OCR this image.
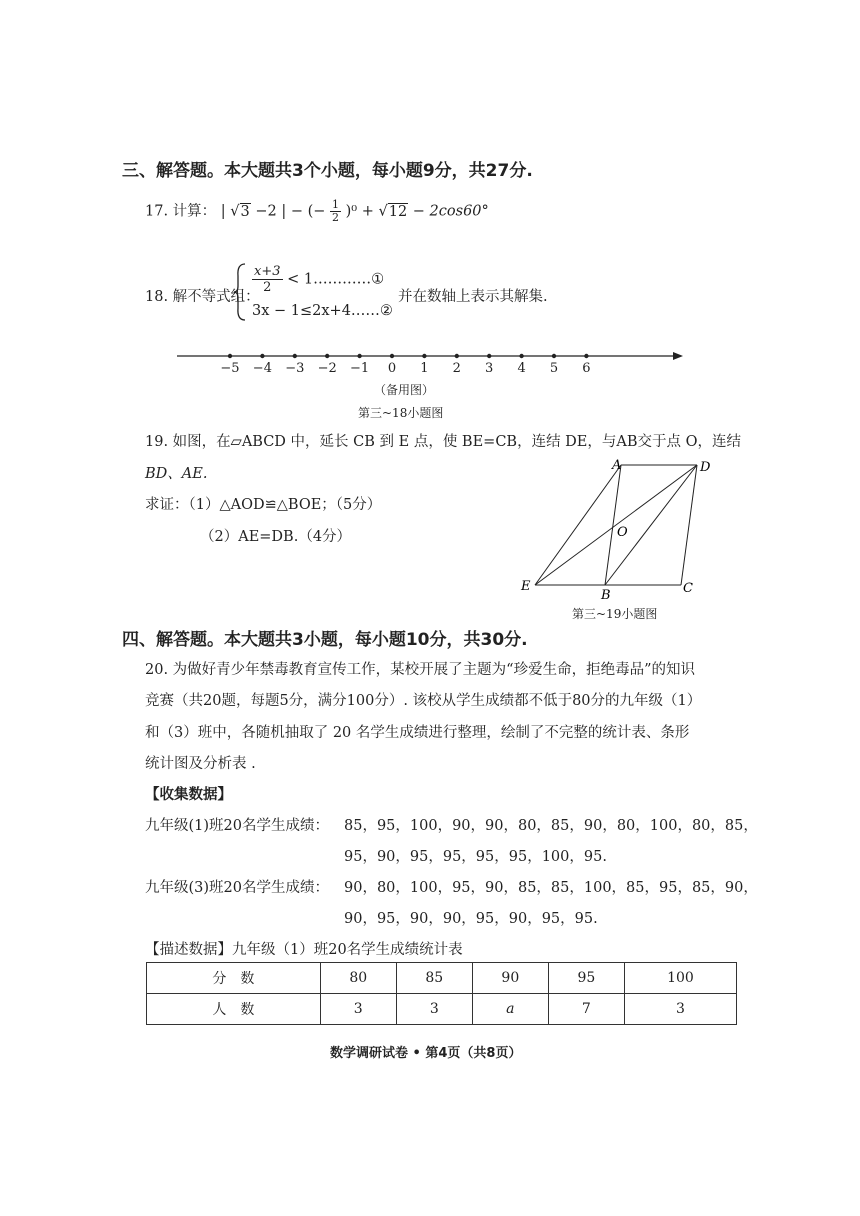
三、解答题。本大题共3个小题，每小题9分，共27分.
17. 计算： | √3 −2 | − (− $\frac{1}{2} )^0 + √12 - 2\cos 60^\circ$
18. 解不等式组：
$\frac{x+3}{2}$ < 1…………①
3x − 1≤2x+4……②
并在数轴上表示其解集.
−5 −4 −3 −2 −1	0	1	2	3	4	5	6
（备用图）
第三~18小题图
19. 如图，在▱ABCD 中，延长 CB 到 E 点，使 BE=CB，连结 DE，与AB交于点 O，连结
BD、AE.
求证：（1）△AOD≌△BOE；（5分）
（2）AE=DB.（4分）
A	D
O
E
B	C
第三~19小题图
四、解答题。本大题共3小题，每小题10分，共30分.
20. 为做好青少年禁毒教育宣传工作，某校开展了主题为“珍爱生命，拒绝毒品”的知识
竞赛（共20题，每题5分，满分100分）. 该校从学生成绩都不低于80分的九年级（1）
和（3）班中，各随机抽取了 20 名学生成绩进行整理，绘制了不完整的统计表、条形
统计图及分析表 .
【收集数据】
九年级(1)班20名学生成绩： 85，95，100，90，90，80，85，90，80，100，80，85，
95，90，95，95，95，95，100，95.
九年级(3)班20名学生成绩： 90，80，100，95，90，85，85，100，85，95，85，90，
90，95，90，90，95，90，95，95.
【描述数据】九年级（1）班20名学生成绩统计表
分　数	80	85	90	95	100
人　数	3	3	a	7	3
数学调研试卷 • 第4页（共8页）
